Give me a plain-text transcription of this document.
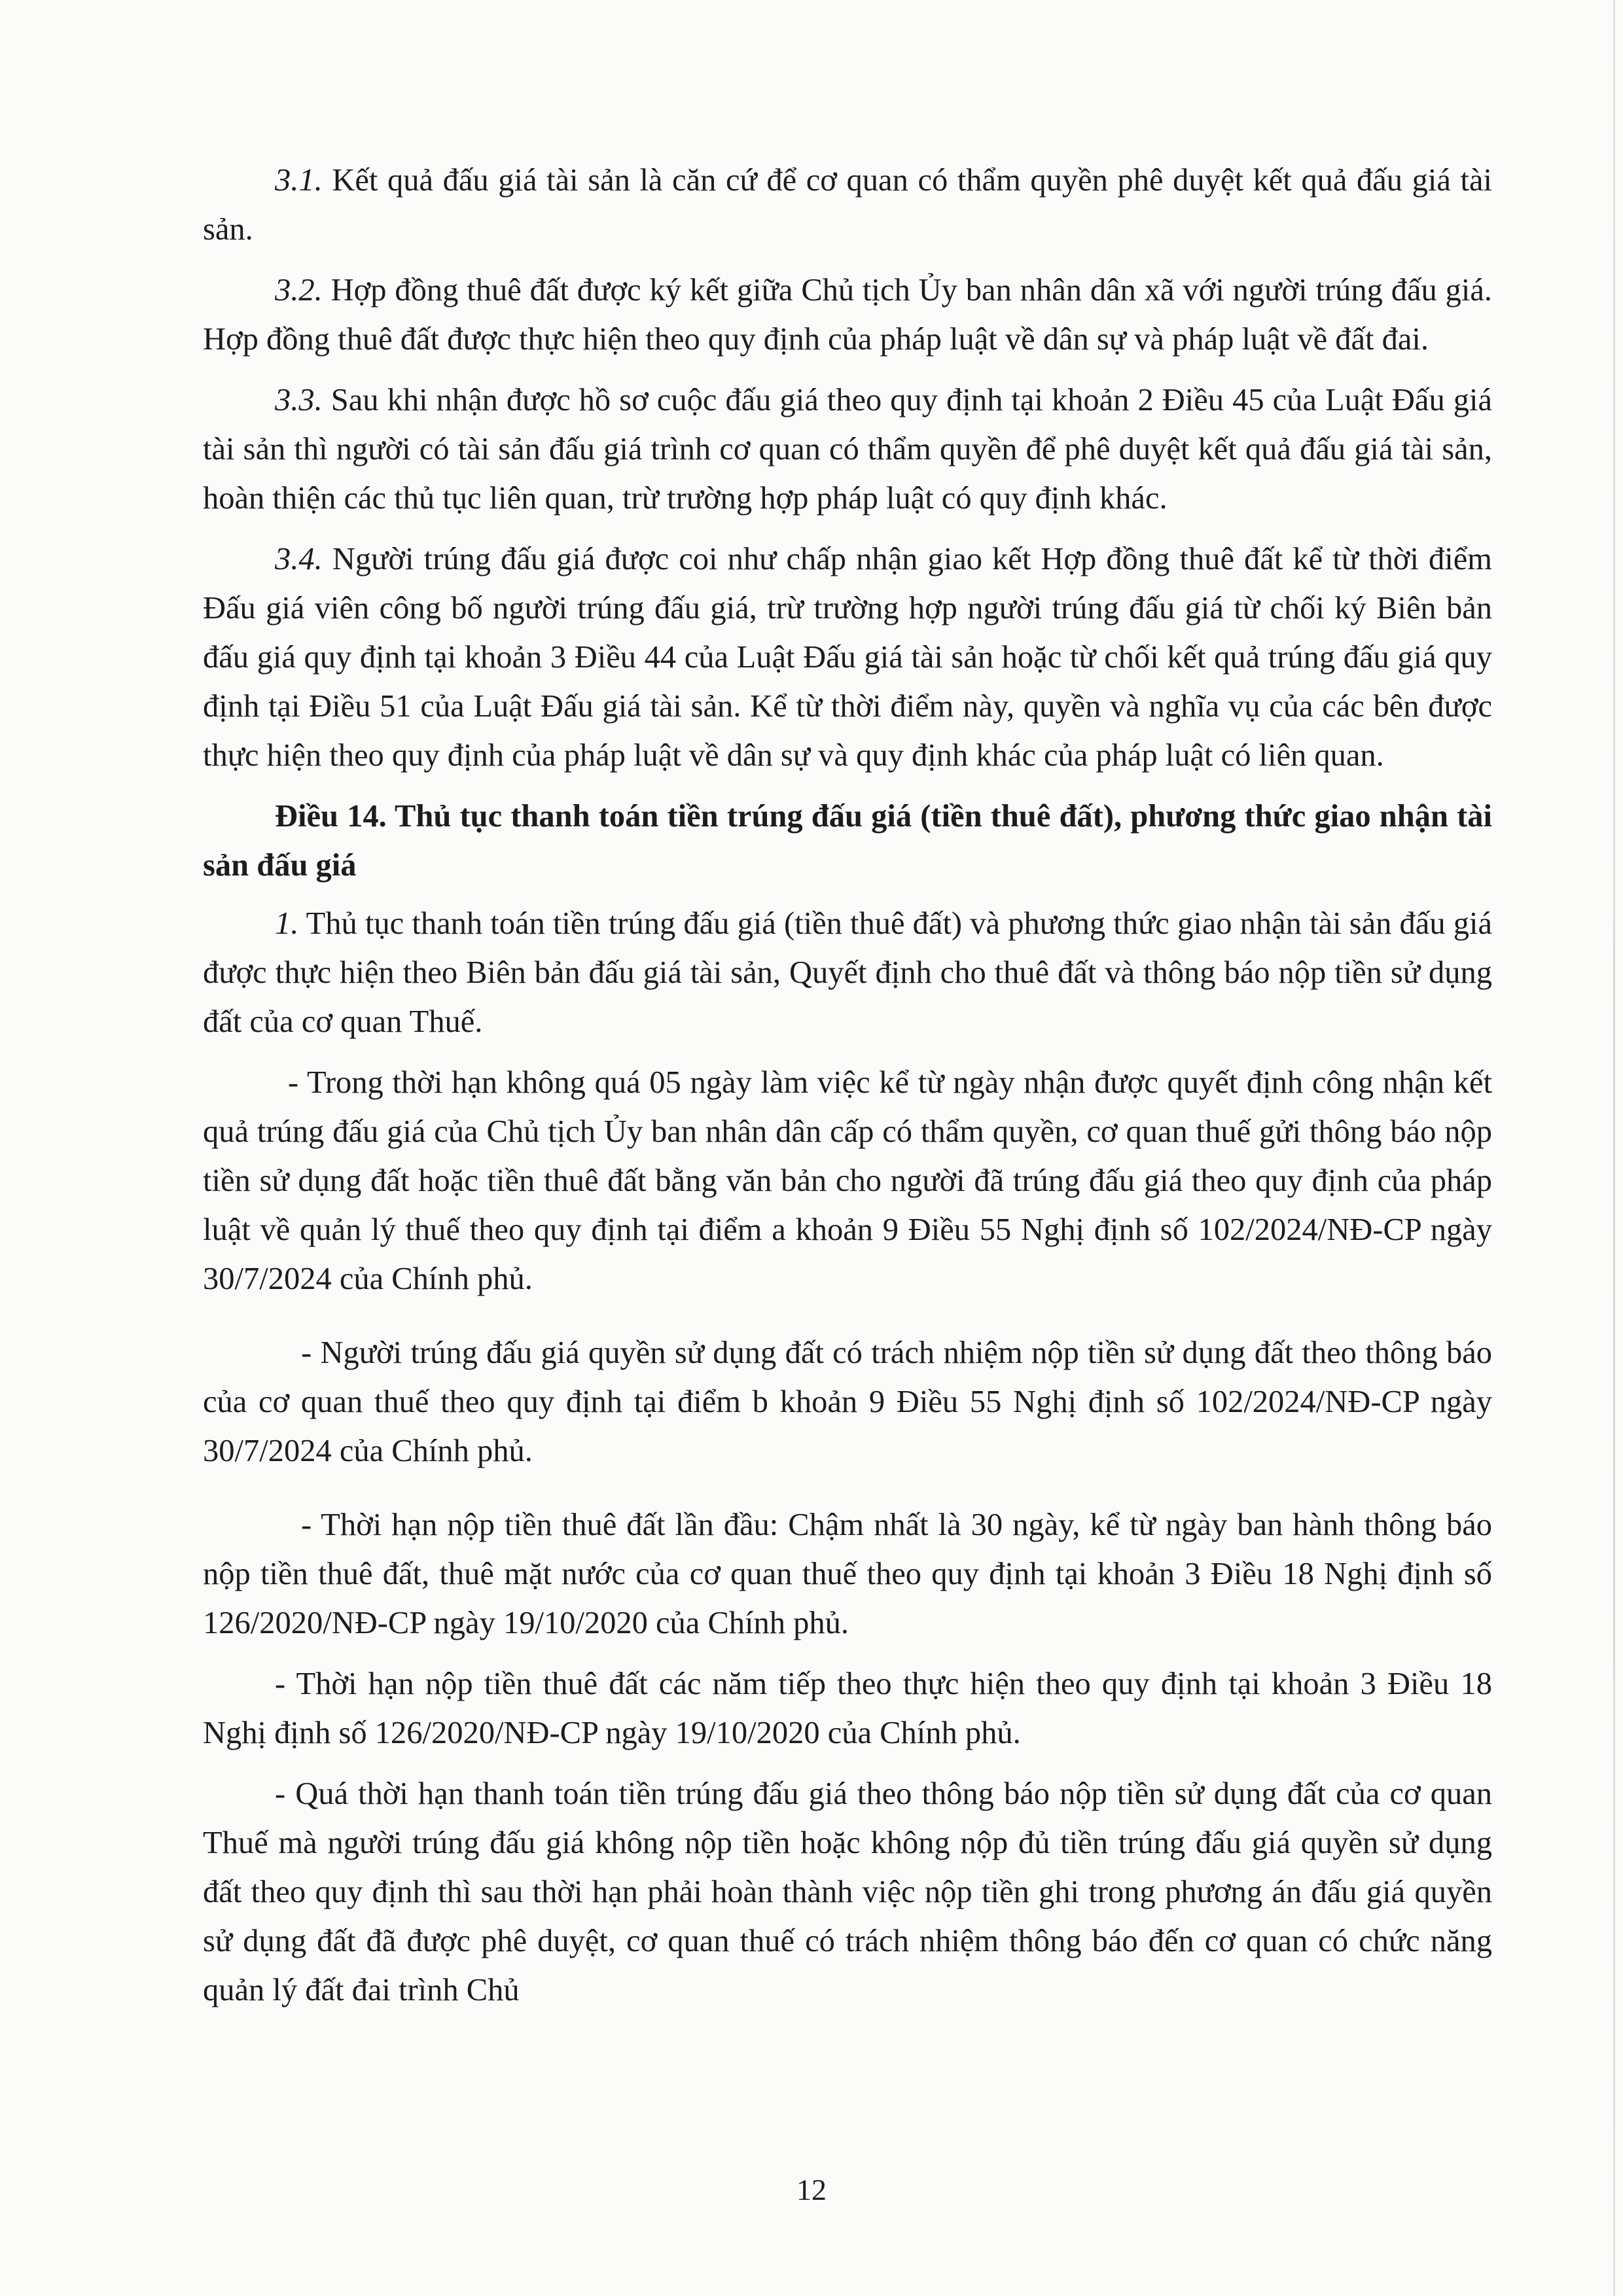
3.1. Kết quả đấu giá tài sản là căn cứ để cơ quan có thẩm quyền phê duyệt kết quả đấu giá tài sản.

3.2. Hợp đồng thuê đất được ký kết giữa Chủ tịch Ủy ban nhân dân xã với người trúng đấu giá. Hợp đồng thuê đất được thực hiện theo quy định của pháp luật về dân sự và pháp luật về đất đai.

3.3. Sau khi nhận được hồ sơ cuộc đấu giá theo quy định tại khoản 2 Điều 45 của Luật Đấu giá tài sản thì người có tài sản đấu giá trình cơ quan có thẩm quyền để phê duyệt kết quả đấu giá tài sản, hoàn thiện các thủ tục liên quan, trừ trường hợp pháp luật có quy định khác.

3.4. Người trúng đấu giá được coi như chấp nhận giao kết Hợp đồng thuê đất kể từ thời điểm Đấu giá viên công bố người trúng đấu giá, trừ trường hợp người trúng đấu giá từ chối ký Biên bản đấu giá quy định tại khoản 3 Điều 44 của Luật Đấu giá tài sản hoặc từ chối kết quả trúng đấu giá quy định tại Điều 51 của Luật Đấu giá tài sản. Kể từ thời điểm này, quyền và nghĩa vụ của các bên được thực hiện theo quy định của pháp luật về dân sự và quy định khác của pháp luật có liên quan.

Điều 14. Thủ tục thanh toán tiền trúng đấu giá (tiền thuê đất), phương thức giao nhận tài sản đấu giá

1. Thủ tục thanh toán tiền trúng đấu giá (tiền thuê đất) và phương thức giao nhận tài sản đấu giá được thực hiện theo Biên bản đấu giá tài sản, Quyết định cho thuê đất và thông báo nộp tiền sử dụng đất của cơ quan Thuế.

- Trong thời hạn không quá 05 ngày làm việc kể từ ngày nhận được quyết định công nhận kết quả trúng đấu giá của Chủ tịch Ủy ban nhân dân cấp có thẩm quyền, cơ quan thuế gửi thông báo nộp tiền sử dụng đất hoặc tiền thuê đất bằng văn bản cho người đã trúng đấu giá theo quy định của pháp luật về quản lý thuế theo quy định tại điểm a khoản 9 Điều 55 Nghị định số 102/2024/NĐ-CP ngày 30/7/2024 của Chính phủ.

- Người trúng đấu giá quyền sử dụng đất có trách nhiệm nộp tiền sử dụng đất theo thông báo của cơ quan thuế theo quy định tại điểm b khoản 9 Điều 55 Nghị định số 102/2024/NĐ-CP ngày 30/7/2024 của Chính phủ.

- Thời hạn nộp tiền thuê đất lần đầu: Chậm nhất là 30 ngày, kể từ ngày ban hành thông báo nộp tiền thuê đất, thuê mặt nước của cơ quan thuế theo quy định tại khoản 3 Điều 18 Nghị định số 126/2020/NĐ-CP ngày 19/10/2020 của Chính phủ.

- Thời hạn nộp tiền thuê đất các năm tiếp theo thực hiện theo quy định tại khoản 3 Điều 18 Nghị định số 126/2020/NĐ-CP ngày 19/10/2020 của Chính phủ.

- Quá thời hạn thanh toán tiền trúng đấu giá theo thông báo nộp tiền sử dụng đất của cơ quan Thuế mà người trúng đấu giá không nộp tiền hoặc không nộp đủ tiền trúng đấu giá quyền sử dụng đất theo quy định thì sau thời hạn phải hoàn thành việc nộp tiền ghi trong phương án đấu giá quyền sử dụng đất đã được phê duyệt, cơ quan thuế có trách nhiệm thông báo đến cơ quan có chức năng quản lý đất đai trình Chủ

12
